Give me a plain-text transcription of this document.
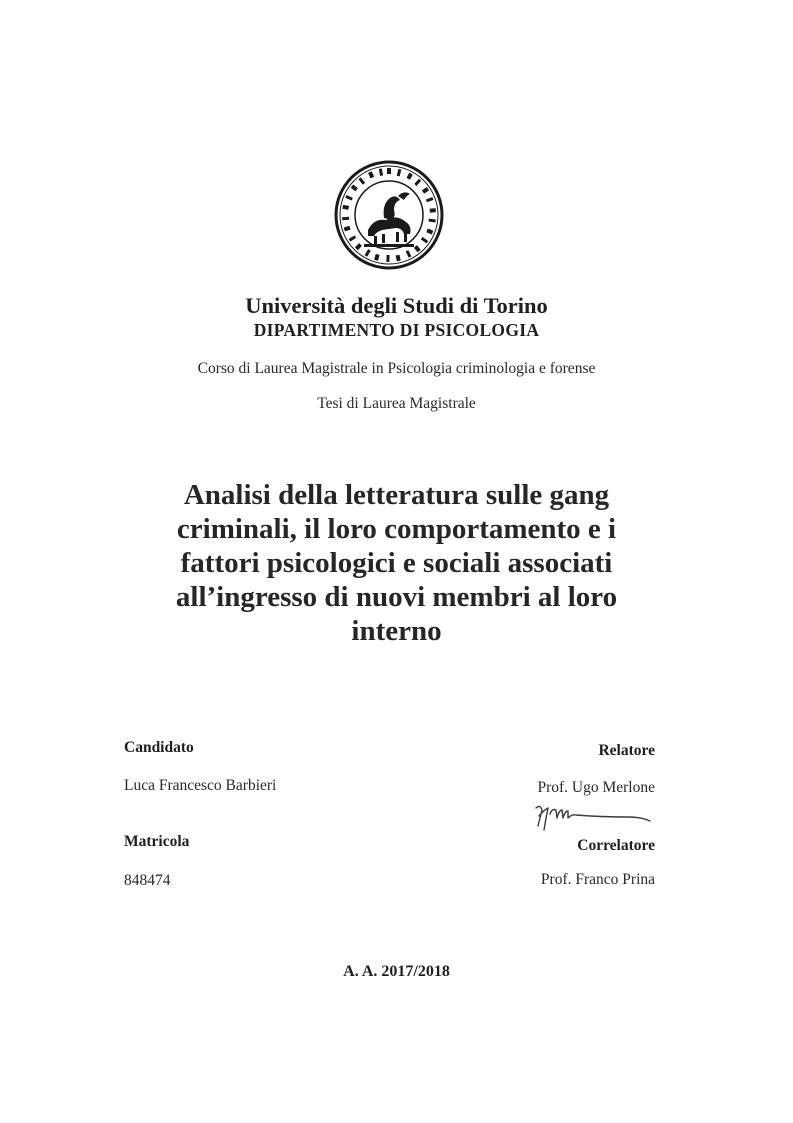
Università degli Studi di Torino
DIPARTIMENTO DI PSICOLOGIA
Corso di Laurea Magistrale in Psicologia criminologia e forense
Tesi di Laurea Magistrale
Analisi della letteratura sulle gang
criminali, il loro comportamento e i
fattori psicologici e sociali associati
all’ingresso di nuovi membri al loro
interno
Candidato
Luca Francesco Barbieri
Matricola
848474
Relatore
Prof. Ugo Merlone
Correlatore
Prof. Franco Prina
A. A. 2017/2018
